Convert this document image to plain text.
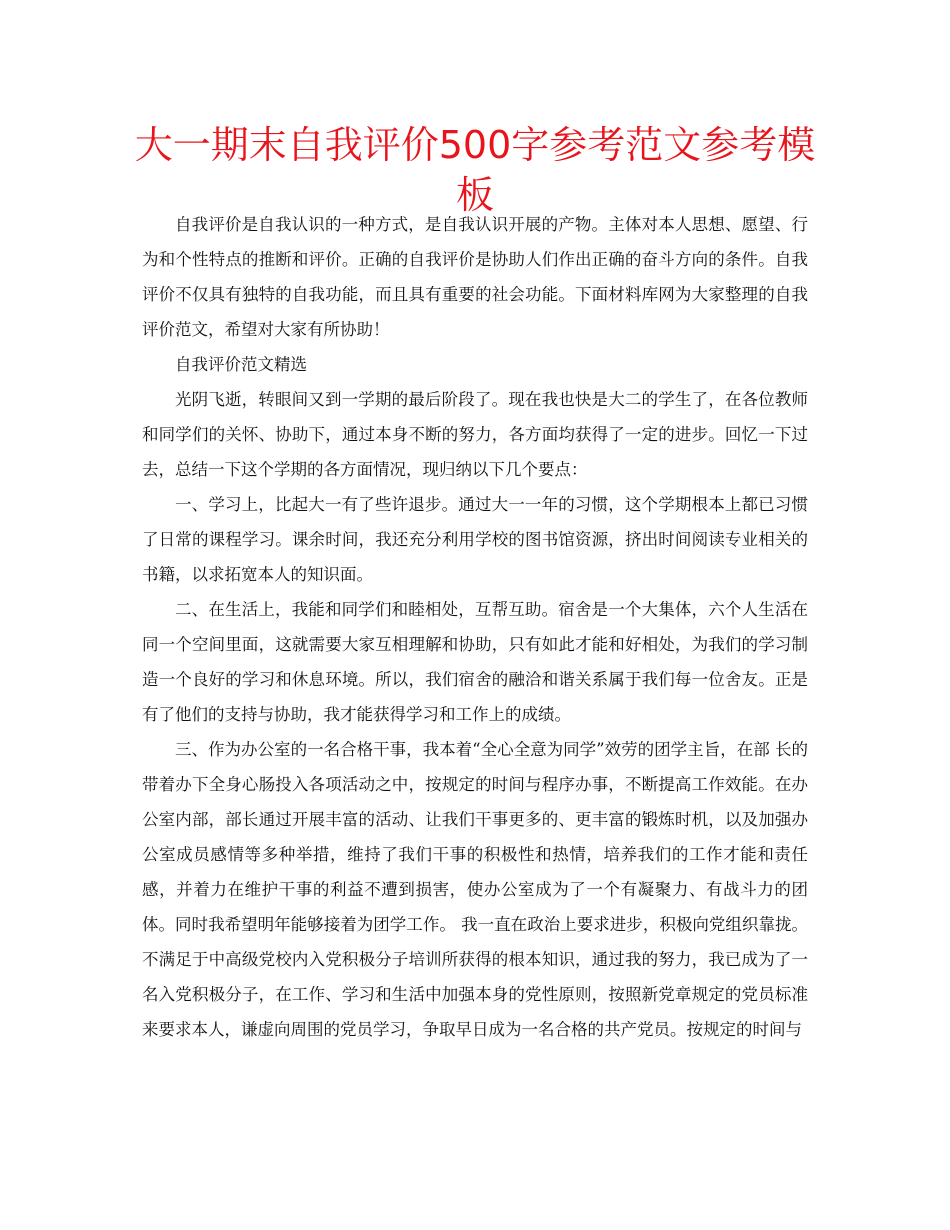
大一期末自我评价500字参考范文参考模板

自我评价是自我认识的一种方式，是自我认识开展的产物。主体对本人思想、愿望、行为和个性特点的推断和评价。正确的自我评价是协助人们作出正确的奋斗方向的条件。自我评价不仅具有独特的自我功能，而且具有重要的社会功能。下面材料库网为大家整理的自我评价范文，希望对大家有所协助！

自我评价范文精选

光阴飞逝，转眼间又到一学期的最后阶段了。现在我也快是大二的学生了，在各位教师和同学们的关怀、协助下，通过本身不断的努力，各方面均获得了一定的进步。回忆一下过去，总结一下这个学期的各方面情况，现归纳以下几个要点：

一、学习上，比起大一有了些许退步。通过大一一年的习惯，这个学期根本上都已习惯了日常的课程学习。课余时间，我还充分利用学校的图书馆资源，挤出时间阅读专业相关的书籍，以求拓宽本人的知识面。

二、在生活上，我能和同学们和睦相处，互帮互助。宿舍是一个大集体，六个人生活在同一个空间里面，这就需要大家互相理解和协助，只有如此才能和好相处，为我们的学习制造一个良好的学习和休息环境。所以，我们宿舍的融洽和谐关系属于我们每一位舍友。正是有了他们的支持与协助，我才能获得学习和工作上的成绩。

三、作为办公室的一名合格干事，我本着“全心全意为同学”效劳的团学主旨，在部 长的带着办下全身心肠投入各项活动之中，按规定的时间与程序办事，不断提高工作效能。在办公室内部，部长通过开展丰富的活动、让我们干事更多的、更丰富的锻炼时机，以及加强办公室成员感情等多种举措，维持了我们干事的积极性和热情，培养我们的工作才能和责任感，并着力在维护干事的利益不遭到损害，使办公室成为了一个有凝聚力、有战斗力的团体。同时我希望明年能够接着为团学工作。 我一直在政治上要求进步，积极向党组织靠拢。不满足于中高级党校内入党积极分子培训所获得的根本知识，通过我的努力，我已成为了一名入党积极分子，在工作、学习和生活中加强本身的党性原则，按照新党章规定的党员标准来要求本人，谦虚向周围的党员学习，争取早日成为一名合格的共产党员。按规定的时间与
